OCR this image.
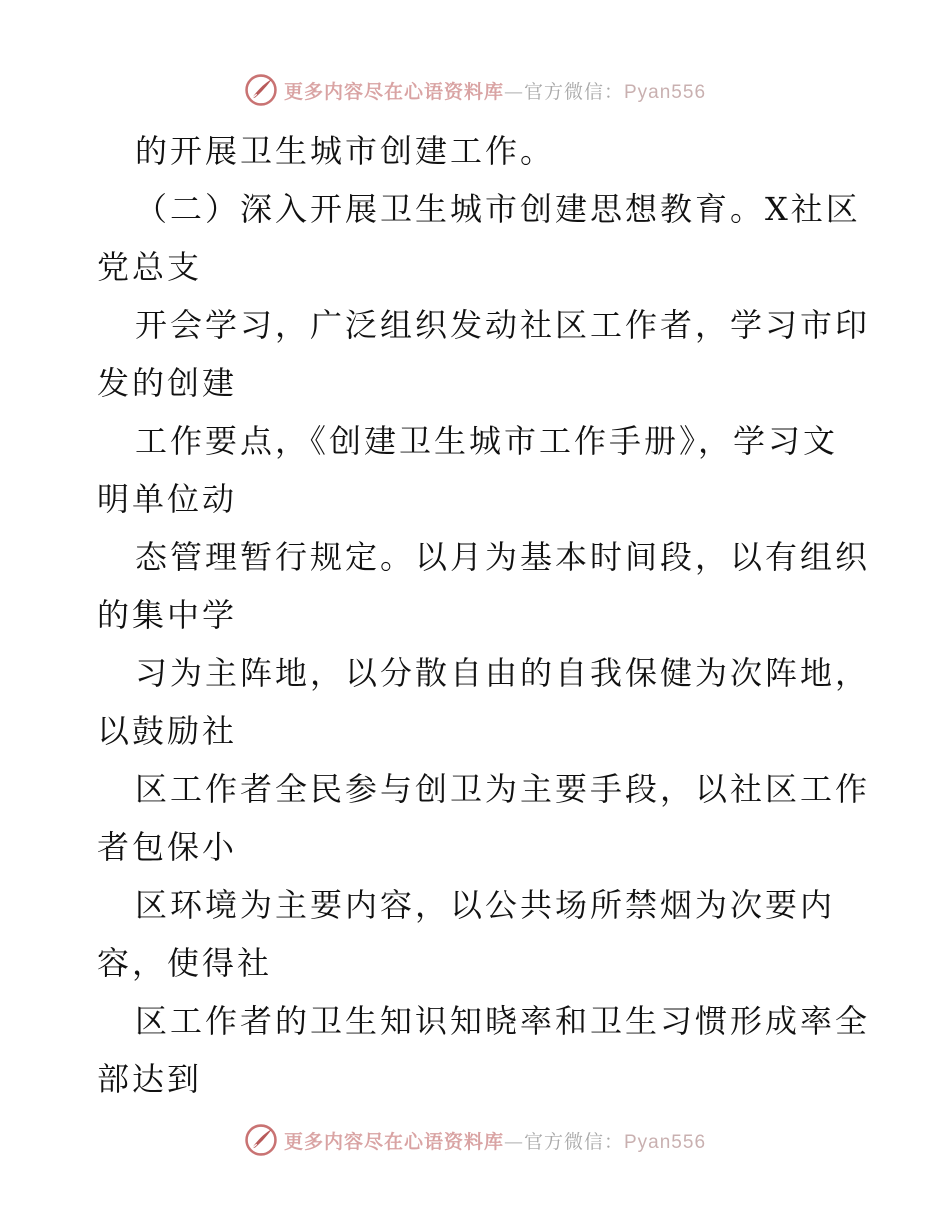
更多内容尽在心语资料库—官方微信：Pyan556
的开展卫生城市创建工作。
（二）深入开展卫生城市创建思想教育。X社区
党总支
开会学习，广泛组织发动社区工作者，学习市印
发的创建
工作要点，《创建卫生城市工作手册》，学习文
明单位动
态管理暂行规定。以月为基本时间段，以有组织
的集中学
习为主阵地，以分散自由的自我保健为次阵地，
以鼓励社
区工作者全民参与创卫为主要手段，以社区工作
者包保小
区环境为主要内容，以公共场所禁烟为次要内
容，使得社
区工作者的卫生知识知晓率和卫生习惯形成率全
部达到
更多内容尽在心语资料库—官方微信：Pyan556
